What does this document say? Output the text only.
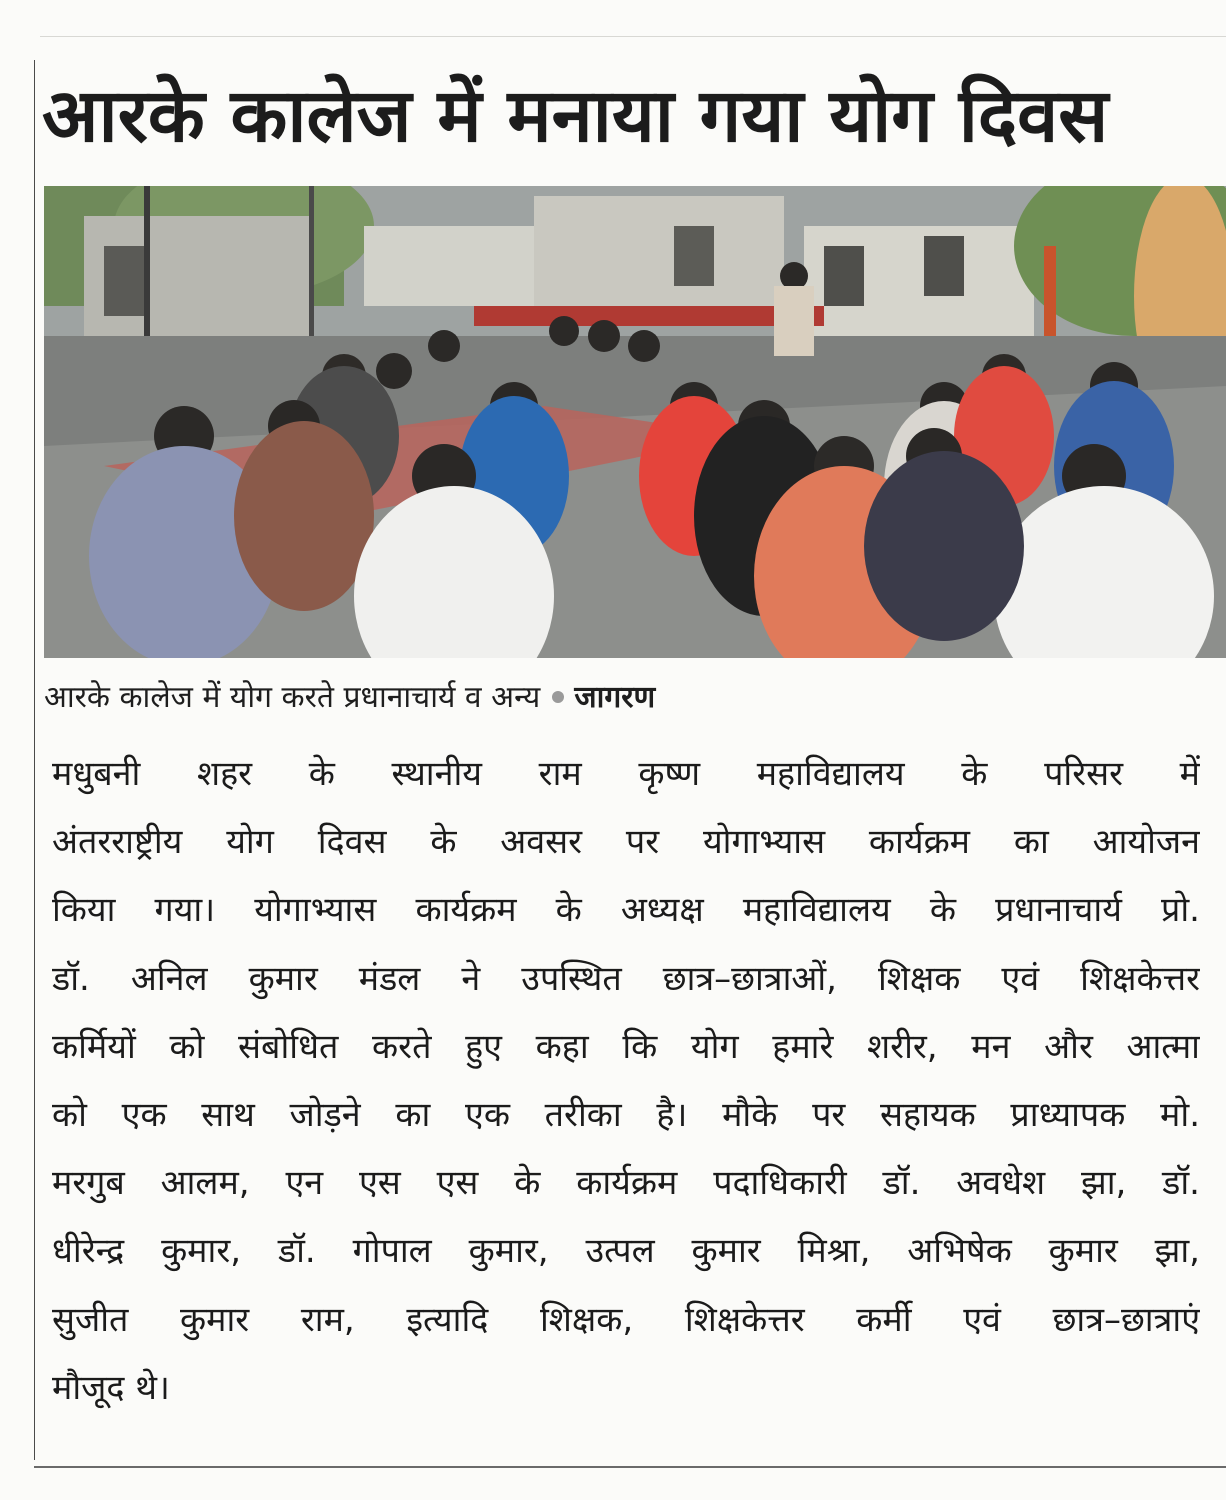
आरके कालेज में मनाया गया योग दिवस
आरके कालेज में योग करते प्रधानाचार्य व अन्य जागरण
मधुबनी शहर के स्थानीय राम कृष्ण महाविद्यालय के परिसर में
अंतरराष्ट्रीय योग दिवस के अवसर पर योगाभ्यास कार्यक्रम का आयोजन
किया गया। योगाभ्यास कार्यक्रम के अध्यक्ष महाविद्यालय के प्रधानाचार्य प्रो.
डॉ. अनिल कुमार मंडल ने उपस्थित छात्र–छात्राओं, शिक्षक एवं शिक्षकेत्तर
कर्मियों को संबोधित करते हुए कहा कि योग हमारे शरीर, मन और आत्मा
को एक साथ जोड़ने का एक तरीका है। मौके पर सहायक प्राध्यापक मो.
मरगुब आलम, एन एस एस के कार्यक्रम पदाधिकारी डॉ. अवधेश झा, डॉ.
धीरेन्द्र कुमार, डॉ. गोपाल कुमार, उत्पल कुमार मिश्रा, अभिषेक कुमार झा,
सुजीत कुमार राम, इत्यादि शिक्षक, शिक्षकेत्तर कर्मी एवं छात्र–छात्राएं
मौजूद थे।
